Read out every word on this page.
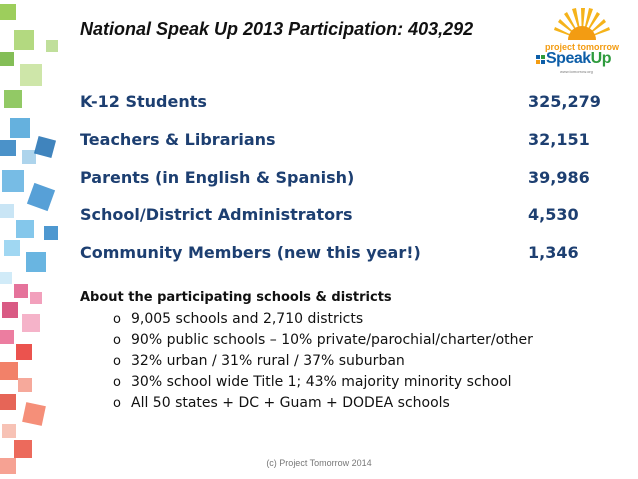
National Speak Up 2013 Participation: 403,292
project tomorrow
SpeakUp
www.tomorrow.org
K-12 Students	325,279
Teachers & Librarians	32,151
Parents (in English & Spanish)	39,986
School/District Administrators	4,530
Community Members (new this year!)	1,346
About the participating schools & districts
o 9,005 schools and 2,710 districts
o 90% public schools – 10% private/parochial/charter/other
o 32% urban / 31% rural / 37% suburban
o 30% school wide Title 1; 43% majority minority school
o All 50 states + DC + Guam + DODEA schools
(c) Project Tomorrow 2014
